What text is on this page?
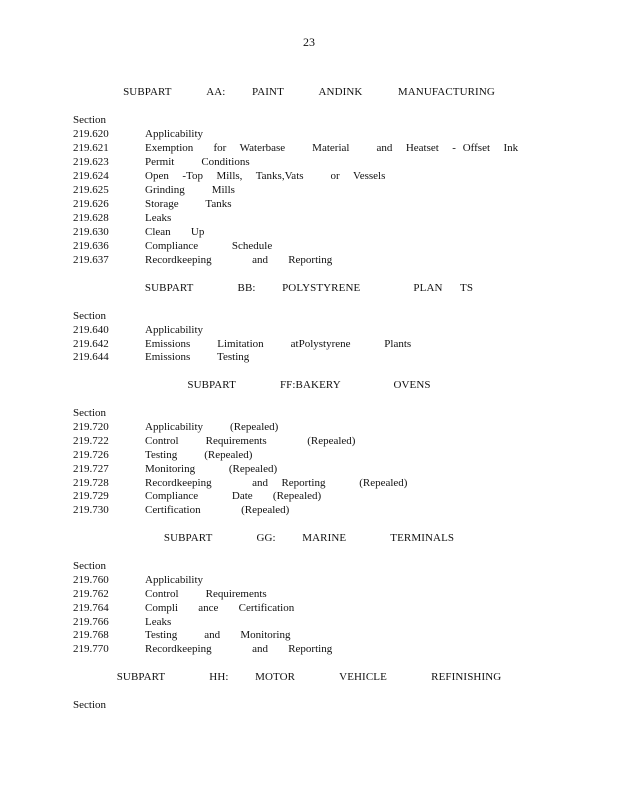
23
SUBPART    AA:   PAINT    ANDINK    MANUFACTURING
Section
219.620	Applicability
219.621	Exemption   for  Waterbase    Material    and  Heatset  - Offset  Ink
219.623	Permit    Conditions
219.624	Open  -Top  Mills,  Tanks,Vats    or  Vessels
219.625	Grinding    Mills
219.626	Storage    Tanks
219.628	Leaks
219.630	Clean   Up
219.636	Compliance     Schedule
219.637	Recordkeeping      and   Reporting
SUBPART     BB:   POLYSTYRENE      PLAN  TS
Section
219.640	Applicability
219.642	Emissions    Limitation    atPolystyrene     Plants
219.644	Emissions    Testing
SUBPART     FF:BAKERY      OVENS
Section
219.720	Applicability    (Repealed)
219.722	Control    Requirements      (Repealed)
219.726	Testing    (Repealed)
219.727	Monitoring     (Repealed)
219.728	Recordkeeping      and  Reporting     (Repealed)
219.729	Compliance     Date   (Repealed)
219.730	Certification      (Repealed)
SUBPART     GG:   MARINE     TERMINALS
Section
219.760	Applicability
219.762	Control    Requirements
219.764	Compli   ance   Certification
219.766	Leaks
219.768	Testing    and   Monitoring
219.770	Recordkeeping      and   Reporting
SUBPART     HH:   MOTOR     VEHICLE     REFINISHING
Section
